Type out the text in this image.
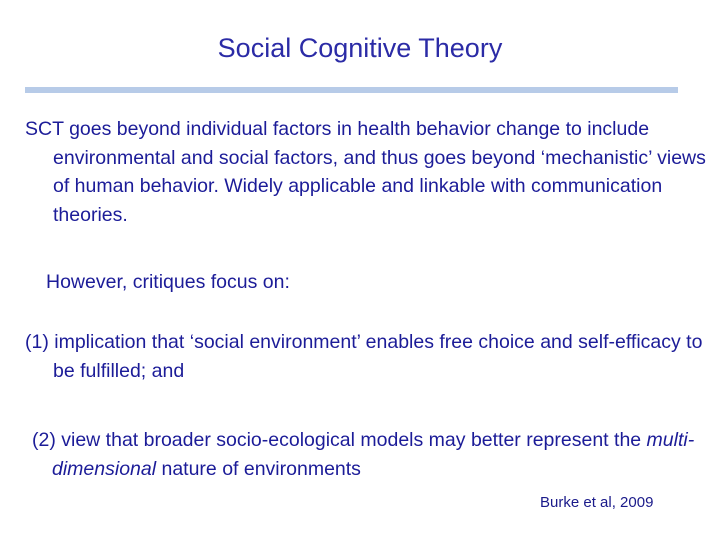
Social Cognitive Theory
SCT goes beyond individual factors in health behavior change to include environmental and social factors, and thus goes beyond ‘mechanistic’ views of human behavior. Widely applicable and linkable with communication theories.
However, critiques focus on:
(1) implication that ‘social environment’ enables free choice and self-efficacy to be fulfilled; and
(2) view that broader socio-ecological models may better represent the multi-dimensional nature of environments
Burke et al, 2009
